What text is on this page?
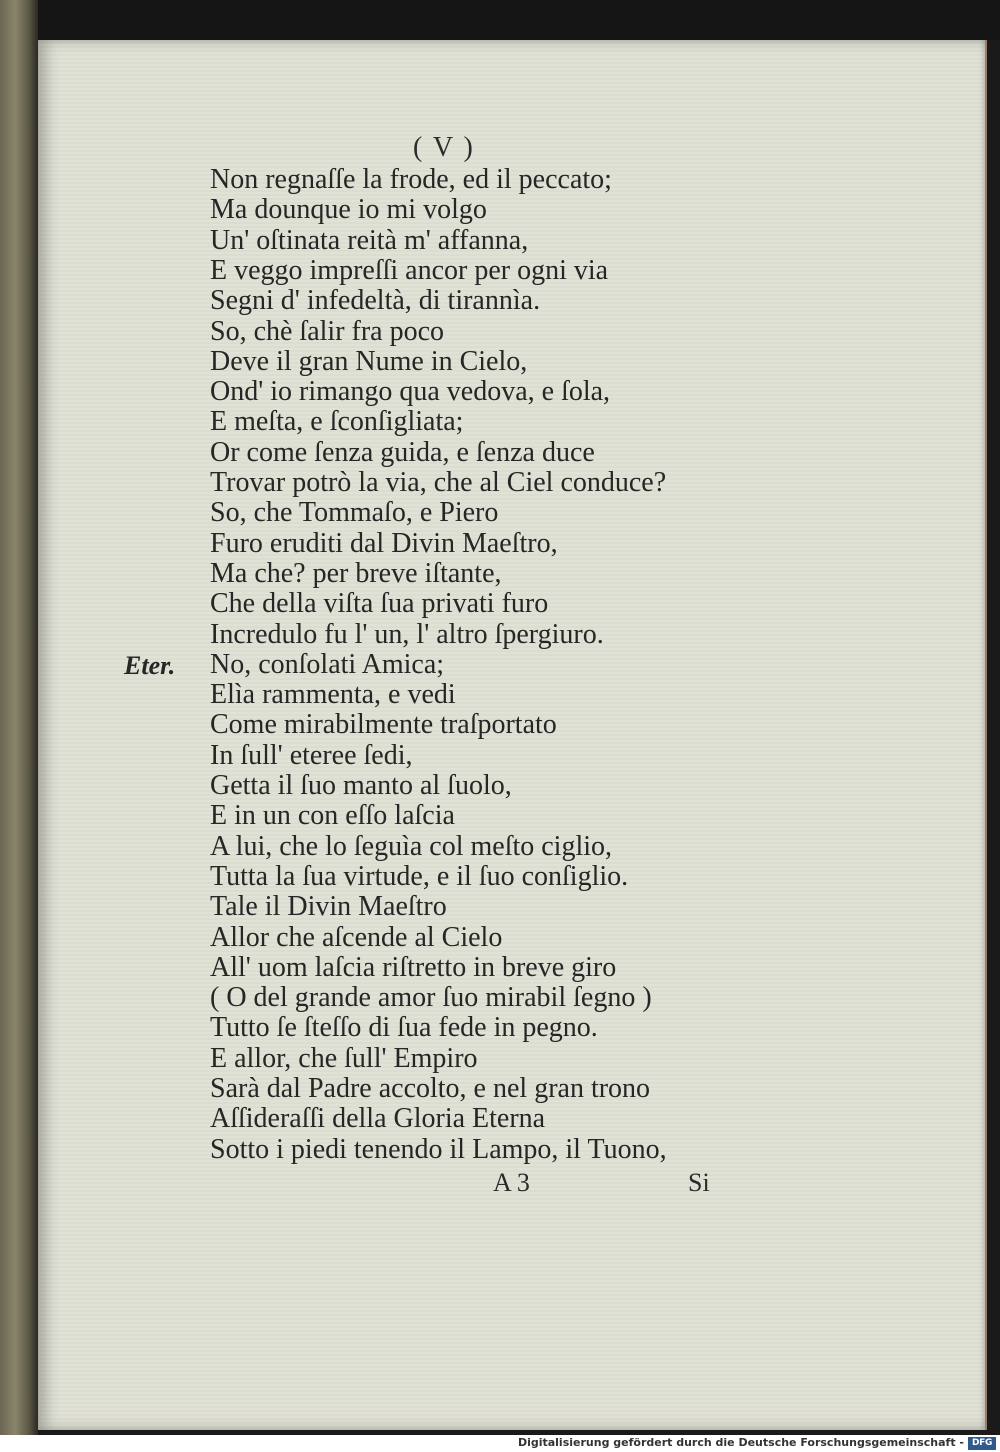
( V )
Non regnaſſe la frode, ed il peccato;
Ma dounque io mi volgo
Un' oſtinata reità m' affanna,
E veggo impreſſi ancor per ogni via
Segni d' infedeltà, di tirannìa.
So, chè ſalir fra poco
Deve il gran Nume in Cielo,
Ond' io rimango qua vedova, e ſola,
E meſta, e ſconſigliata;
Or come ſenza guida, e ſenza duce
Trovar potrò la via, che al Ciel conduce?
So, che Tommaſo, e Piero
Furo eruditi dal Divin Maeſtro,
Ma che? per breve iſtante,
Che della viſta ſua privati furo
Incredulo fu l' un, l' altro ſpergiuro.
Eter. No, conſolati Amica;
Elìa rammenta, e vedi
Come mirabilmente traſportato
In ſull' eteree ſedi,
Getta il ſuo manto al ſuolo,
E in un con eſſo laſcia
A lui, che lo ſeguìa col meſto ciglio,
Tutta la ſua virtude, e il ſuo conſiglio.
Tale il Divin Maeſtro
Allor che aſcende al Cielo
All' uom laſcia riſtretto in breve giro
( O del grande amor ſuo mirabil ſegno )
Tutto ſe ſteſſo di ſua fede in pegno.
E allor, che ſull' Empiro
Sarà dal Padre accolto, e nel gran trono
Aſſideraſſi della Gloria Eterna
Sotto i piedi tenendo il Lampo, il Tuono,
A 3	Si
Digitalisierung gefördert durch die Deutsche Forschungsgemeinschaft - DFG
